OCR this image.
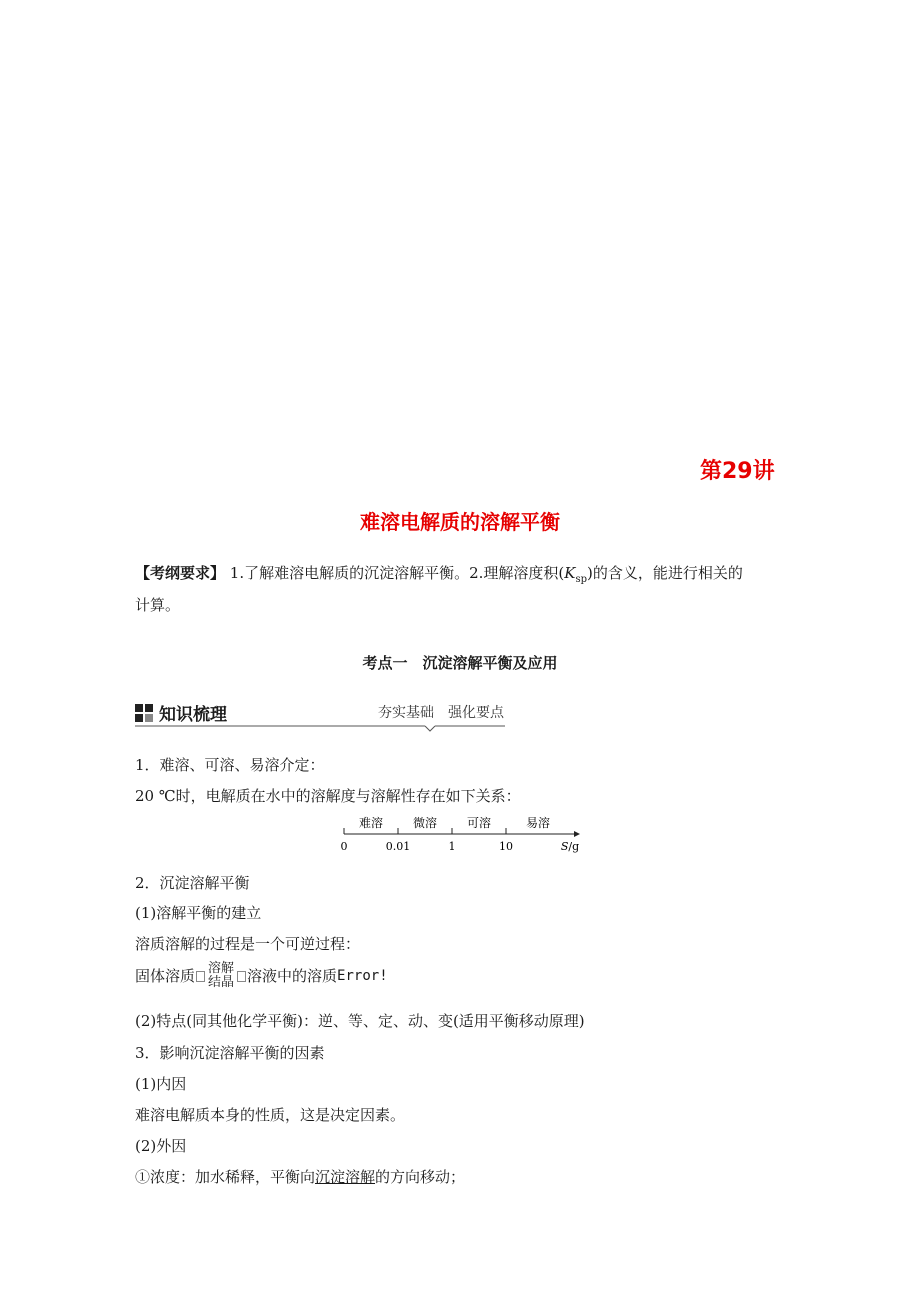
第29讲
难溶电解质的溶解平衡
【考纲要求】 1.了解难溶电解质的沉淀溶解平衡。2.理解溶度积$(K_{sp})$的含义，能进行相关的
计算。
考点一　沉淀溶解平衡及应用
知识梳理	夯实基础　强化要点
1．难溶、可溶、易溶介定：
20 ℃时，电解质在水中的溶解度与溶解性存在如下关系：
难溶 微溶 可溶	易溶
0	0.01	1	10	S/g
2．沉淀溶解平衡
(1)溶解平衡的建立
溶质溶解的过程是一个可逆过程：
固体溶质 溶解
结晶 溶液中的溶质 Error!
(2)特点(同其他化学平衡)：逆、等、定、动、变(适用平衡移动原理)
3．影响沉淀溶解平衡的因素
(1)内因
难溶电解质本身的性质，这是决定因素。
(2)外因
①浓度：加水稀释，平衡向沉淀溶解的方向移动；
